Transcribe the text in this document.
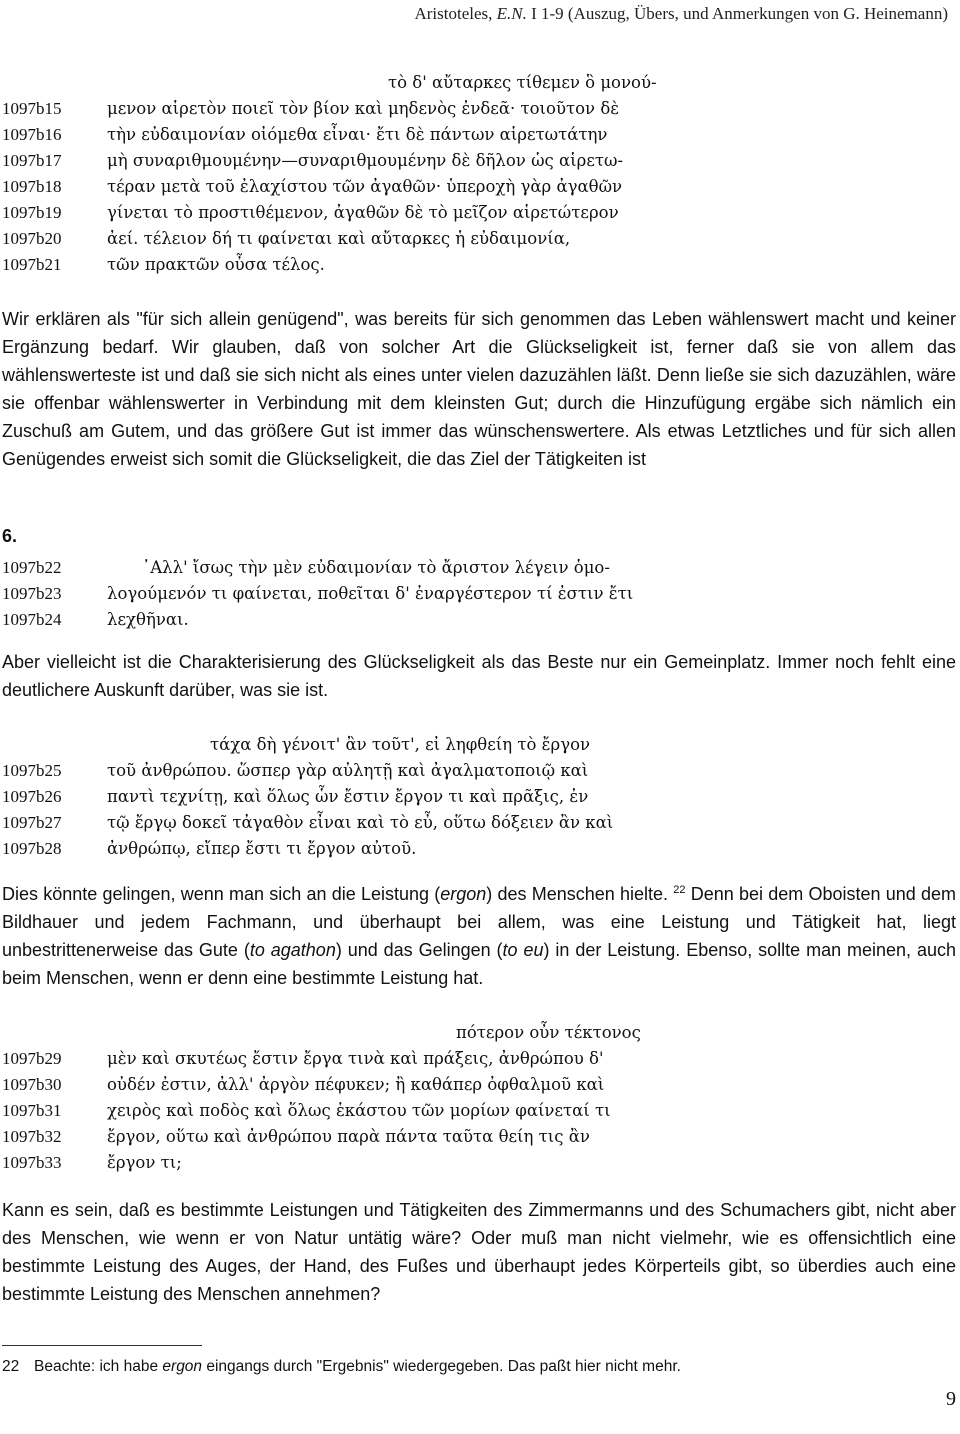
Aristoteles, E.N. I 1-9 (Auszug, Übers, und Anmerkungen von G. Heinemann)
τὸ δ' αὔταρκες τίθεμεν ὃ μονού-
1097b15	μενον αἱρετὸν ποιεῖ τὸν βίον καὶ μηδενὸς ἐνδεᾶ· τοιοῦτον δὲ
1097b16	τὴν εὐδαιμονίαν οἰόμεθα εἶναι· ἔτι δὲ πάντων αἱρετωτάτην
1097b17	μὴ συναριθμουμένην—συναριθμουμένην δὲ δῆλον ὡς αἱρετω-
1097b18	τέραν μετὰ τοῦ ἐλαχίστου τῶν ἀγαθῶν· ὑπεροχὴ γὰρ ἀγαθῶν
1097b19	γίνεται τὸ προστιθέμενον, ἀγαθῶν δὲ τὸ μεῖζον αἱρετώτερον
1097b20	ἀεί. τέλειον δή τι φαίνεται καὶ αὔταρκες ἡ εὐδαιμονία,
1097b21	τῶν πρακτῶν οὖσα τέλος.

Wir erklären als "für sich allein genügend", was bereits für sich genommen das Leben wählenswert macht und keiner Ergänzung bedarf. Wir glauben, daß von solcher Art die Glückseligkeit ist, ferner daß sie von allem das wählenswerteste ist und daß sie sich nicht als eines unter vielen dazuzählen läßt. Denn ließe sie sich dazuzählen, wäre sie offenbar wählenswerter in Verbindung mit dem kleinsten Gut; durch die Hinzufügung ergäbe sich nämlich ein Zuschuß am Gutem, und das größere Gut ist immer das wünschenswertere. Als etwas Letztliches und für sich allen Genügendes erweist sich somit die Glückseligkeit, die das Ziel der Tätigkeiten ist

6.
1097b22	᾿Αλλ' ἴσως τὴν μὲν εὐδαιμονίαν τὸ ἄριστον λέγειν ὁμο-
1097b23	λογούμενόν τι φαίνεται, ποθεῖται δ' ἐναργέστερον τί ἐστιν ἔτι
1097b24	λεχθῆναι.

Aber vielleicht ist die Charakterisierung des Glückseligkeit als das Beste nur ein Gemeinplatz. Immer noch fehlt eine deutlichere Auskunft darüber, was sie ist.

τάχα δὴ γένοιτ' ἂν τοῦτ', εἰ ληφθείη τὸ ἔργον
1097b25	τοῦ ἀνθρώπου. ὥσπερ γὰρ αὐλητῇ καὶ ἀγαλματοποιῷ καὶ
1097b26	παντὶ τεχνίτῃ, καὶ ὅλως ὧν ἔστιν ἔργον τι καὶ πρᾶξις, ἐν
1097b27	τῷ ἔργῳ δοκεῖ τἀγαθὸν εἶναι καὶ τὸ εὖ, οὕτω δόξειεν ἂν καὶ
1097b28	ἀνθρώπῳ, εἴπερ ἔστι τι ἔργον αὐτοῦ.

Dies könnte gelingen, wenn man sich an die Leistung (ergon) des Menschen hielte. $^{22}$ Denn bei dem Oboisten und dem Bildhauer und jedem Fachmann, und überhaupt bei allem, was eine Leistung und Tätigkeit hat, liegt unbestrittenerweise das Gute (to agathon) und das Gelingen (to eu) in der Leistung. Ebenso, sollte man meinen, auch beim Menschen, wenn er denn eine bestimmte Leistung hat.

πότερον οὖν τέκτονος
1097b29	μὲν καὶ σκυτέως ἔστιν ἔργα τινὰ καὶ πράξεις, ἀνθρώπου δ'
1097b30	οὐδέν ἐστιν, ἀλλ' ἀργὸν πέφυκεν; ἢ καθάπερ ὀφθαλμοῦ καὶ
1097b31	χειρὸς καὶ ποδὸς καὶ ὅλως ἑκάστου τῶν μορίων φαίνεταί τι
1097b32	ἔργον, οὕτω καὶ ἀνθρώπου παρὰ πάντα ταῦτα θείη τις ἂν
1097b33	ἔργον τι;

Kann es sein, daß es bestimmte Leistungen und Tätigkeiten des Zimmermanns und des Schumachers gibt, nicht aber des Menschen, wie wenn er von Natur untätig wäre? Oder muß man nicht vielmehr, wie es offensichtlich eine bestimmte Leistung des Auges, der Hand, des Fußes und überhaupt jedes Körperteils gibt, so überdies auch eine bestimmte Leistung des Menschen annehmen?

22 Beachte: ich habe ergon eingangs durch "Ergebnis" wiedergegeben. Das paßt hier nicht mehr.
9
